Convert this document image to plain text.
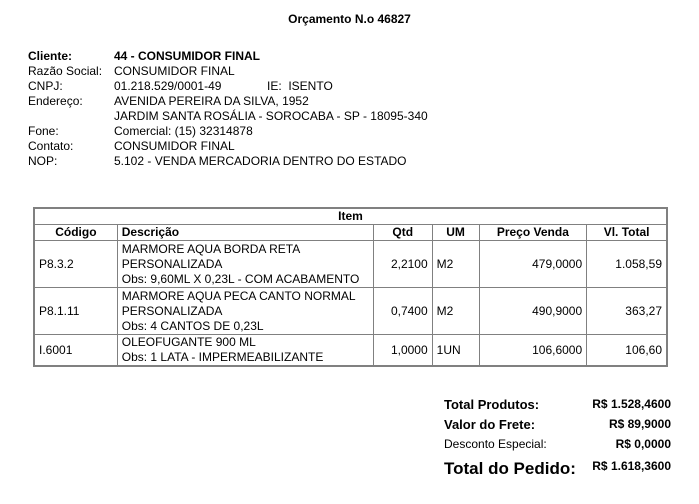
Orçamento N.o 46827
Cliente:	44 - CONSUMIDOR FINAL
Razão Social: CONSUMIDOR FINAL
CNPJ:	01.218.529/0001-49	IE:  ISENTO
Endereço:	AVENIDA PEREIRA DA SILVA, 1952
JARDIM SANTA ROSÁLIA - SOROCABA - SP - 18095-340
Fone:	Comercial: (15) 32314878
Contato:	CONSUMIDOR FINAL
NOP:	5.102 - VENDA MERCADORIA DENTRO DO ESTADO
Item					
Código	Descrição	Qtd	UM	Preço Venda	Vl. Total
P8.3.2	MARMORE AQUA BORDA RETA
PERSONALIZADA
Obs: 9,60ML X 0,23L - COM ACABAMENTO	2,2100	M2	479,0000	1.058,59
P8.1.11	MARMORE AQUA PECA CANTO NORMAL
PERSONALIZADA
Obs: 4 CANTOS DE 0,23L	0,7400	M2	490,9000	363,27
I.6001	OLEOFUGANTE 900 ML
Obs: 1 LATA - IMPERMEABILIZANTE	1,0000	1UN	106,6000	106,60
Total Produtos:	R$ 1.528,4600
Valor do Frete:	R$ 89,9000
Desconto Especial:	R$ 0,0000
Total do Pedido: R$ 1.618,3600
